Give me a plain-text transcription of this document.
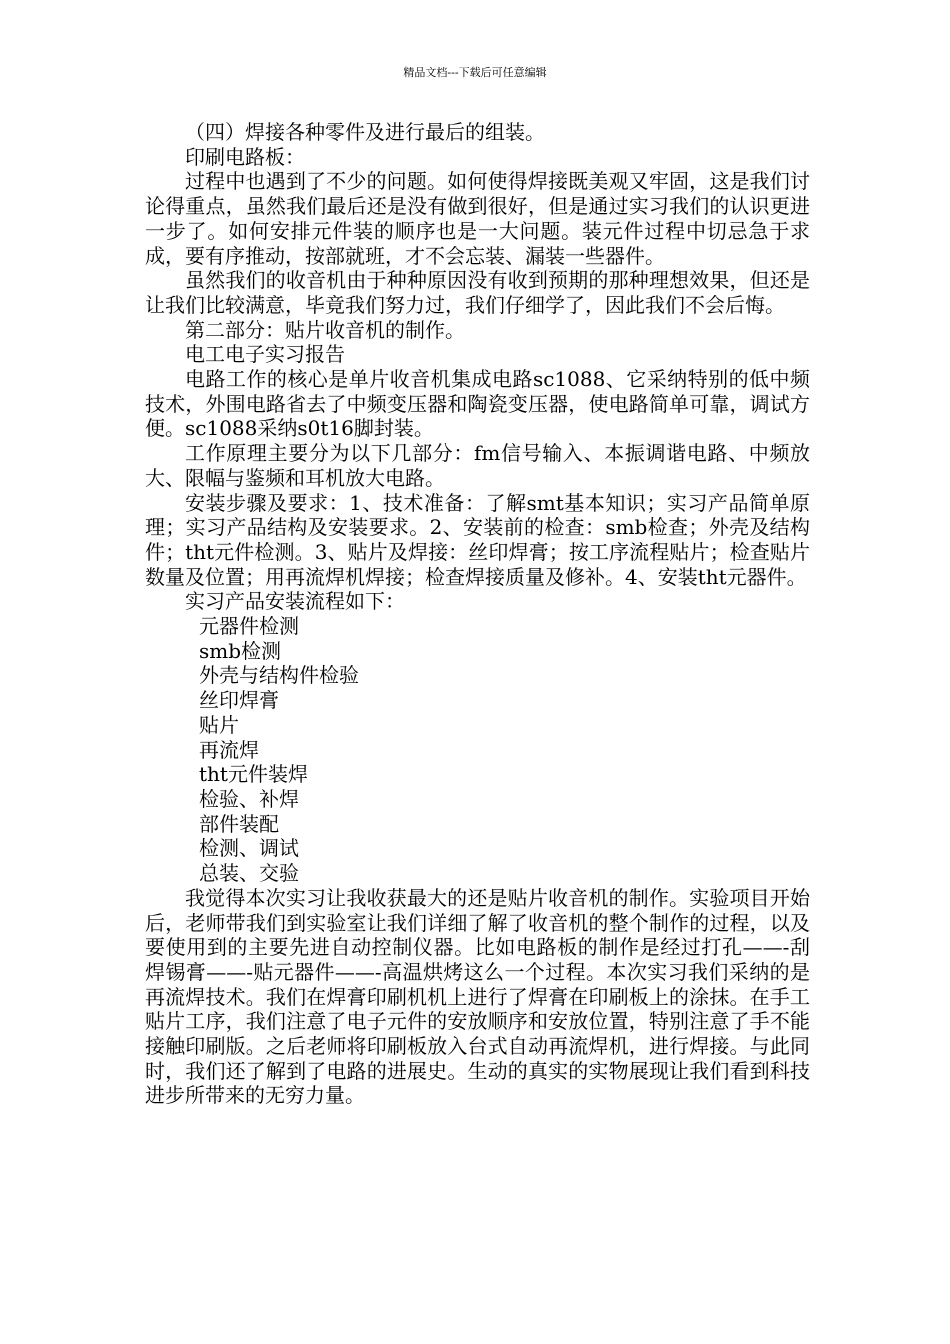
精品文档---下载后可任意编辑

（四）焊接各种零件及进行最后的组装。

印刷电路板：

过程中也遇到了不少的问题。如何使得焊接既美观又牢固，这是我们讨论得重点，虽然我们最后还是没有做到很好，但是通过实习我们的认识更进一步了。如何安排元件装的顺序也是一大问题。装元件过程中切忌急于求成，要有序推动，按部就班，才不会忘装、漏装一些器件。

虽然我们的收音机由于种种原因没有收到预期的那种理想效果，但还是让我们比较满意，毕竟我们努力过，我们仔细学了，因此我们不会后悔。

第二部分：贴片收音机的制作。

电工电子实习报告

电路工作的核心是单片收音机集成电路sc1088、它采纳特别的低中频技术，外围电路省去了中频变压器和陶瓷变压器，使电路简单可靠，调试方便。sc1088采纳s0t16脚封装。

工作原理主要分为以下几部分：fm信号输入、本振调谐电路、中频放大、限幅与鉴频和耳机放大电路。

安装步骤及要求：1、技术准备：了解smt基本知识；实习产品简单原理；实习产品结构及安装要求。2、安装前的检查：smb检查；外壳及结构件；tht元件检测。3、贴片及焊接：丝印焊膏；按工序流程贴片；检查贴片数量及位置；用再流焊机焊接；检查焊接质量及修补。4、安装tht元器件。

实习产品安装流程如下：

元器件检测

smb检测

外壳与结构件检验

丝印焊膏

贴片

再流焊

tht元件装焊

检验、补焊

部件装配

检测、调试

总装、交验

我觉得本次实习让我收获最大的还是贴片收音机的制作。实验项目开始后，老师带我们到实验室让我们详细了解了收音机的整个制作的过程，以及要使用到的主要先进自动控制仪器。比如电路板的制作是经过打孔——-刮焊锡膏——-贴元器件——-高温烘烤这么一个过程。本次实习我们采纳的是再流焊技术。我们在焊膏印刷机机上进行了焊膏在印刷板上的涂抹。在手工贴片工序，我们注意了电子元件的安放顺序和安放位置，特别注意了手不能接触印刷版。之后老师将印刷板放入台式自动再流焊机，进行焊接。与此同时，我们还了解到了电路的进展史。生动的真实的实物展现让我们看到科技进步所带来的无穷力量。
